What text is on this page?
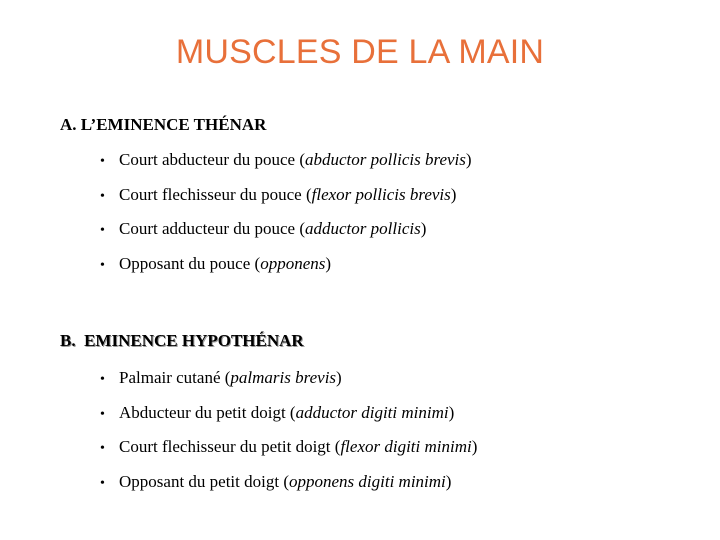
MUSCLES DE LA MAIN
A. L’EMINENCE THÉNAR
• Court abducteur du pouce (abductor pollicis brevis)
• Court flechisseur du pouce (flexor pollicis brevis)
• Court adducteur du pouce (adductor pollicis)
• Opposant du pouce (opponens)
B.  EMINENCE HYPOTHÉNAR
• Palmair cutané (palmaris brevis)
• Abducteur du petit doigt (adductor digiti minimi)
• Court flechisseur du petit doigt (flexor digiti minimi)
• Opposant du petit doigt (opponens digiti minimi)
